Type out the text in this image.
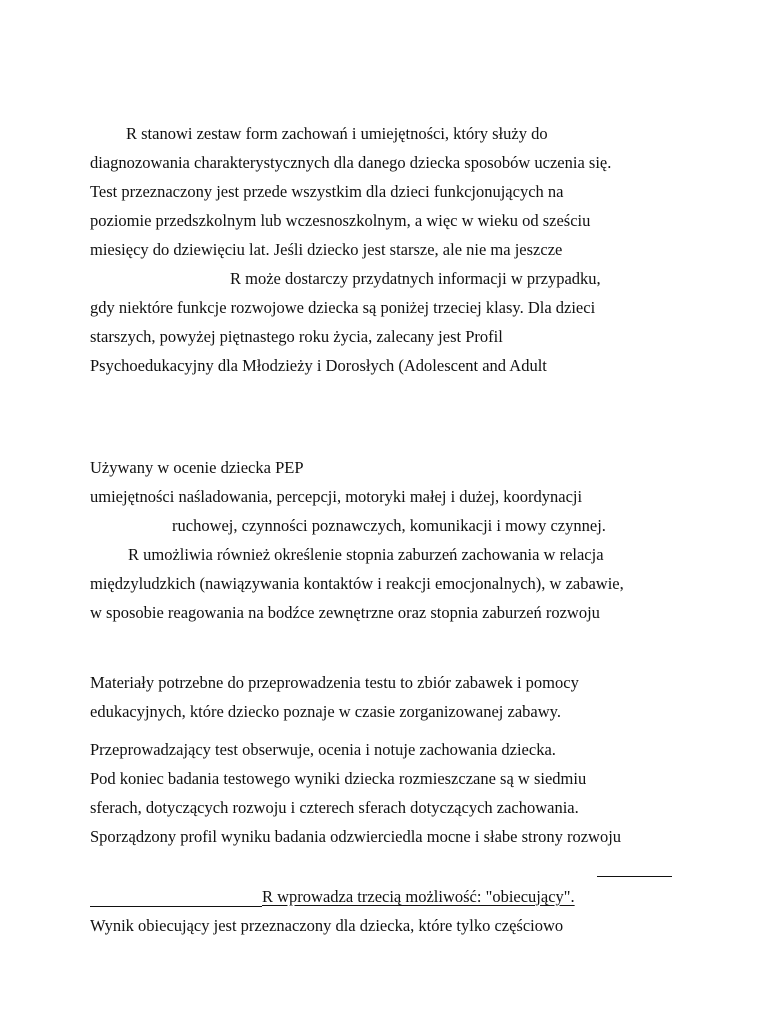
R stanowi zestaw form zachowań i umiejętności, który służy do
diagnozowania charakterystycznych dla danego dziecka sposobów uczenia się.
Test przeznaczony jest przede wszystkim dla dzieci funkcjonujących na
poziomie przedszkolnym lub wczesnoszkolnym, a więc w wieku od sześciu
miesięcy do dziewięciu lat. Jeśli dziecko jest starsze, ale nie ma jeszcze
R może dostarczy przydatnych informacji w przypadku,
gdy niektóre funkcje rozwojowe dziecka są poniżej trzeciej klasy. Dla dzieci
starszych, powyżej piętnastego roku życia, zalecany jest Profil
Psychoedukacyjny dla Młodzieży i Dorosłych (Adolescent and Adult
Używany w ocenie dziecka PEP
umiejętności naśladowania, percepcji, motoryki małej i dużej, koordynacji
ruchowej, czynności poznawczych, komunikacji i mowy czynnej.
R umożliwia również określenie stopnia zaburzeń zachowania w relacja
międzyludzkich (nawiązywania kontaktów i reakcji emocjonalnych), w zabawie,
w sposobie reagowania na bodźce zewnętrzne oraz stopnia zaburzeń rozwoju
Materiały potrzebne do przeprowadzenia testu to zbiór zabawek i pomocy
edukacyjnych, które dziecko poznaje w czasie zorganizowanej zabawy.
Przeprowadzający test obserwuje, ocenia i notuje zachowania dziecka.
Pod koniec badania testowego wyniki dziecka rozmieszczane są w siedmiu
sferach, dotyczących rozwoju i czterech sferach dotyczących zachowania.
Sporządzony profil wyniku badania odzwierciedla mocne i słabe strony rozwoju
R wprowadza trzecią możliwość: "obiecujący".
Wynik obiecujący jest przeznaczony dla dziecka, które tylko częściowo
